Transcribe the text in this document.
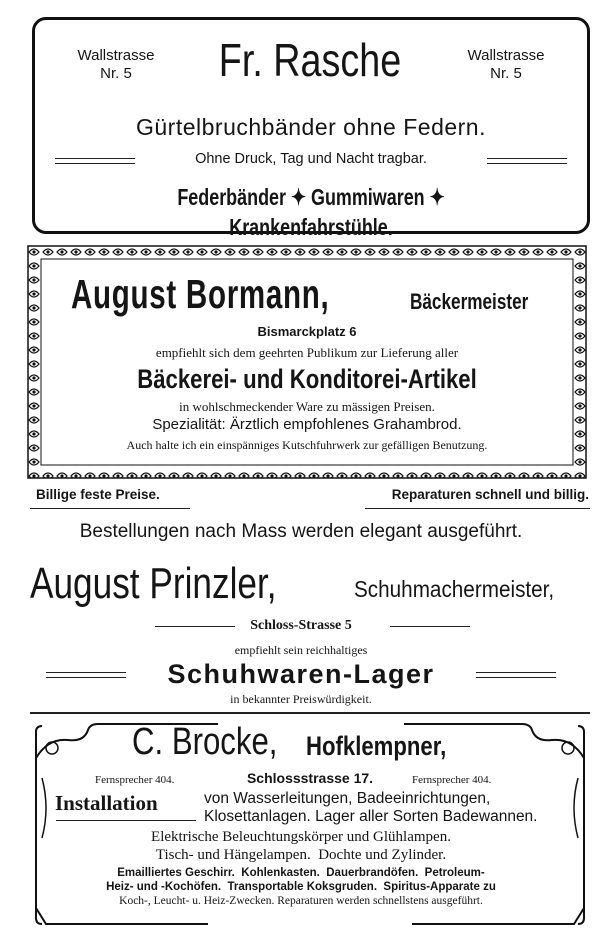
Wallstrasse
Nr. 5
Wallstrasse
Nr. 5
Fr. Rasche
Gürtelbruchbänder ohne Federn.
Ohne Druck, Tag und Nacht tragbar.
Federbänder ✦ Gummiwaren ✦ Krankenfahrstühle.
August Bormann,	Bäckermeister
Bismarckplatz 6
empfiehlt sich dem geehrten Publikum zur Lieferung aller
Bäckerei- und Konditorei-Artikel
in wohlschmeckender Ware zu mässigen Preisen.
Spezialität: Ärztlich empfohlenes Grahambrod.
Auch halte ich ein einspänniges Kutschfuhrwerk zur gefälligen Benutzung.
Billige feste Preise.	Reparaturen schnell und billig.
Bestellungen nach Mass werden elegant ausgeführt.
August Prinzler,	Schuhmachermeister,
Schloss-Strasse 5
empfiehlt sein reichhaltiges
Schuhwaren-Lager
in bekannter Preiswürdigkeit.
C. Brocke, Hofklempner,
Fernsprecher 404.	Schlossstrasse 17.	Fernsprecher 404.
Installation	von Wasserleitungen, Badeeinrichtungen,
Klosettanlagen. Lager aller Sorten Badewannen.
Elektrische Beleuchtungskörper und Glühlampen.
Tisch- und Hängelampen.  Dochte und Zylinder.
Emailliertes Geschirr.  Kohlenkasten.  Dauerbrandöfen.  Petroleum-
Heiz- und -Kochöfen.  Transportable Koksgruden.  Spiritus-Apparate zu
Koch-, Leucht- u. Heiz-Zwecken. Reparaturen werden schnellstens ausgeführt.
